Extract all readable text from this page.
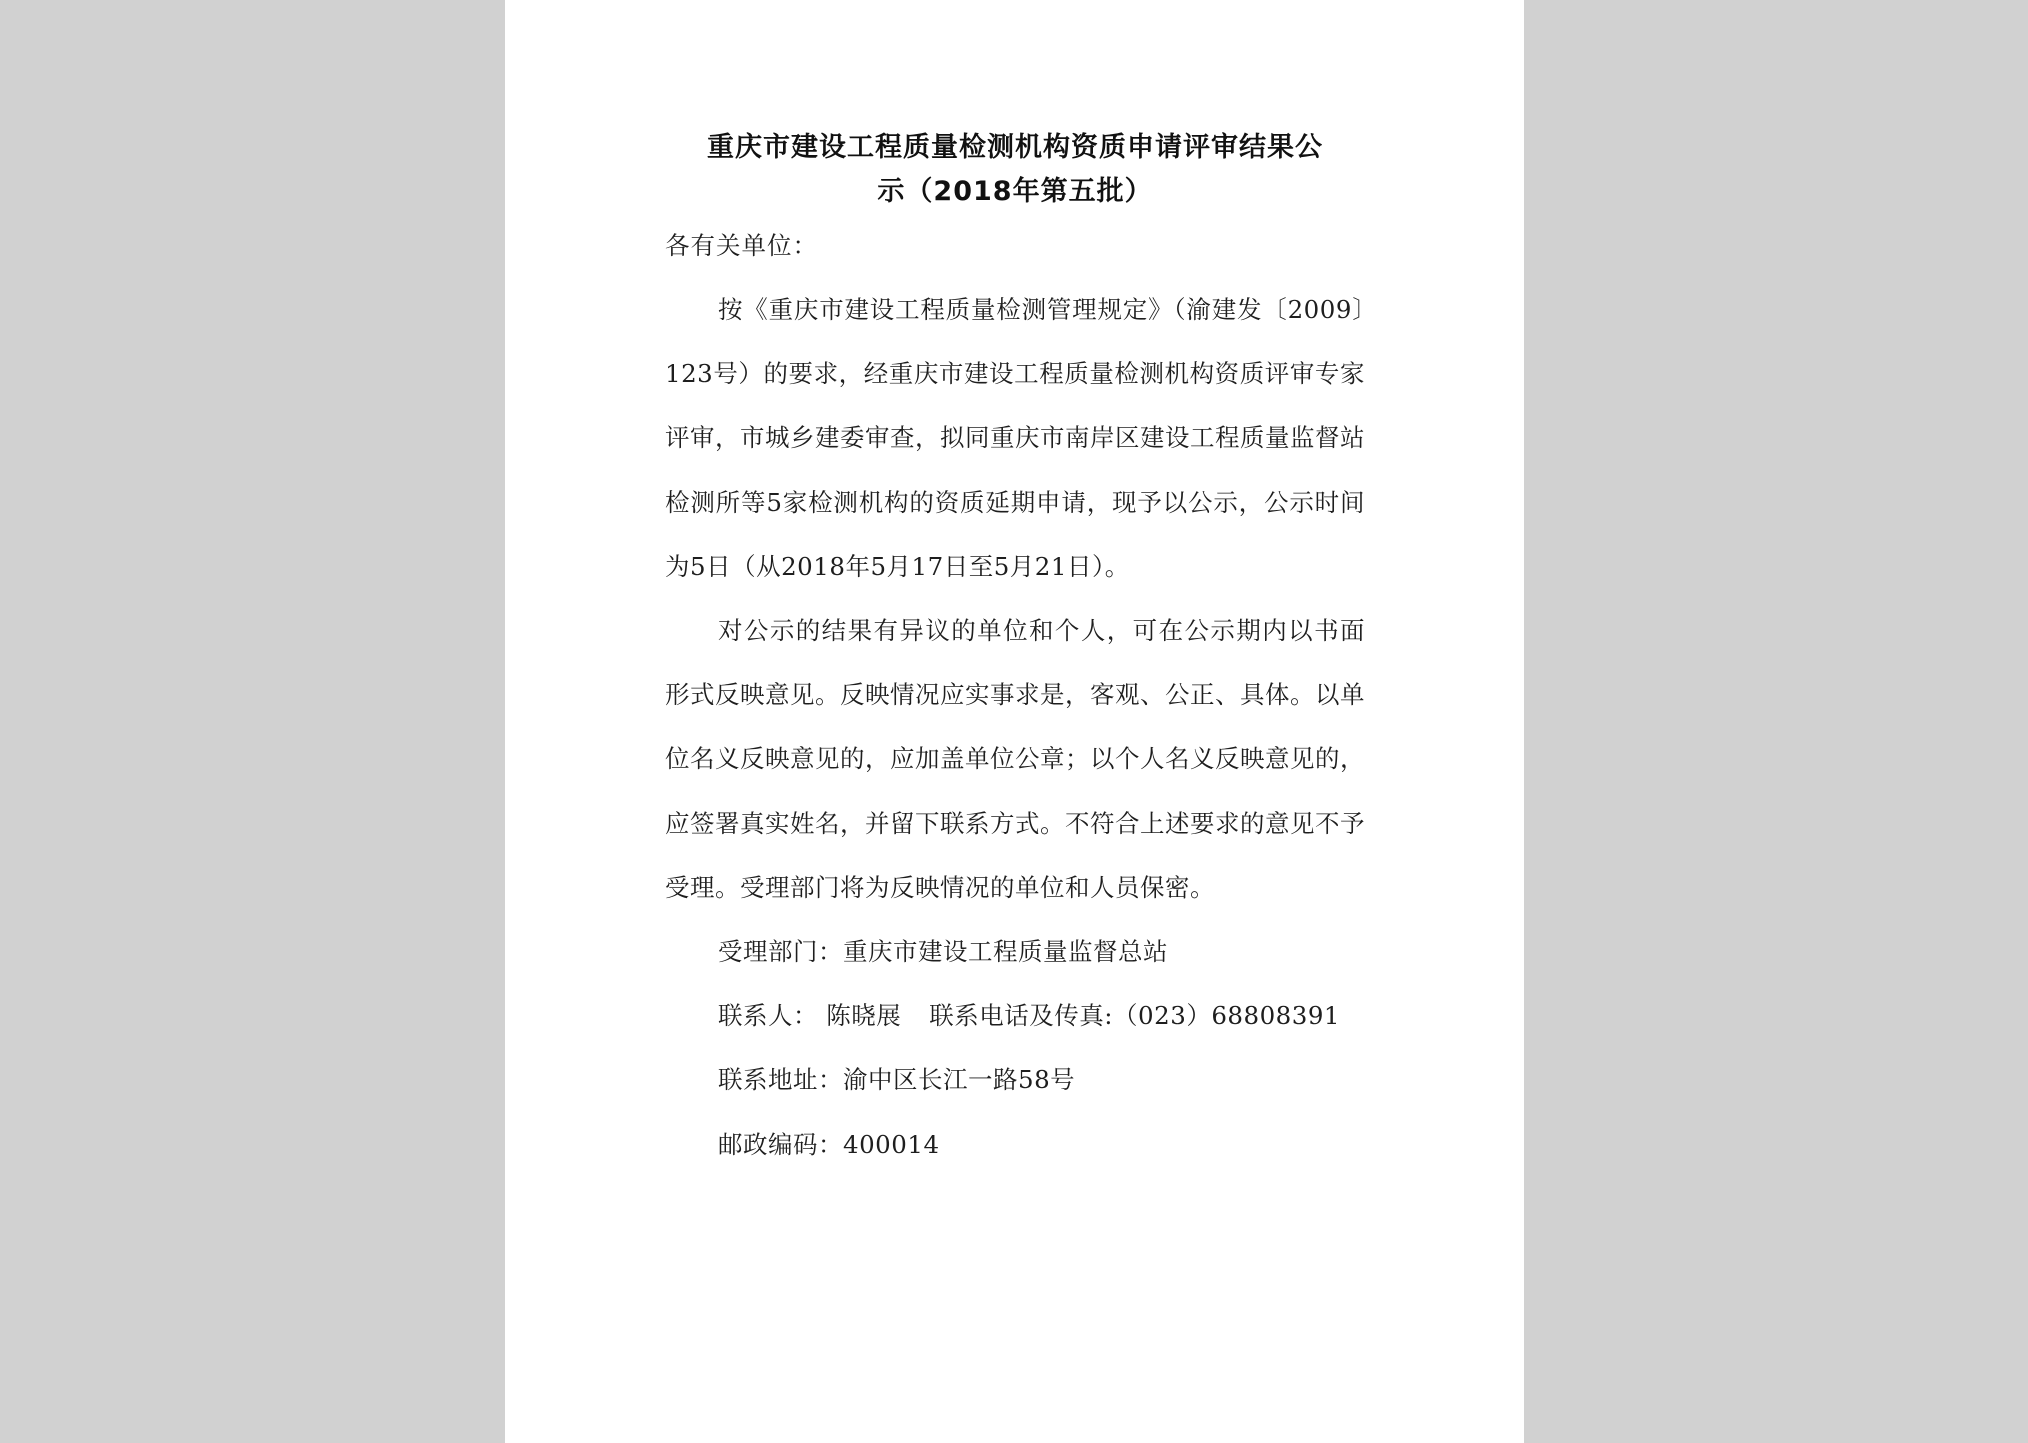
重庆市建设工程质量检测机构资质申请评审结果公
示（2018年第五批）

各有关单位：

按《重庆市建设工程质量检测管理规定》（渝建发〔2009〕123号）的要求，经重庆市建设工程质量检测机构资质评审专家评审，市城乡建委审查，拟同重庆市南岸区建设工程质量监督站检测所等5家检测机构的资质延期申请，现予以公示，公示时间为5日（从2018年5月17日至5月21日）。

对公示的结果有异议的单位和个人，可在公示期内以书面形式反映意见。反映情况应实事求是，客观、公正、具体。以单位名义反映意见的，应加盖单位公章；以个人名义反映意见的，应签署真实姓名，并留下联系方式。不符合上述要求的意见不予受理。受理部门将为反映情况的单位和人员保密。

受理部门：重庆市建设工程质量监督总站

联系人： 陈晓展 联系电话及传真:（023）68808391

联系地址：渝中区长江一路58号

邮政编码：400014
